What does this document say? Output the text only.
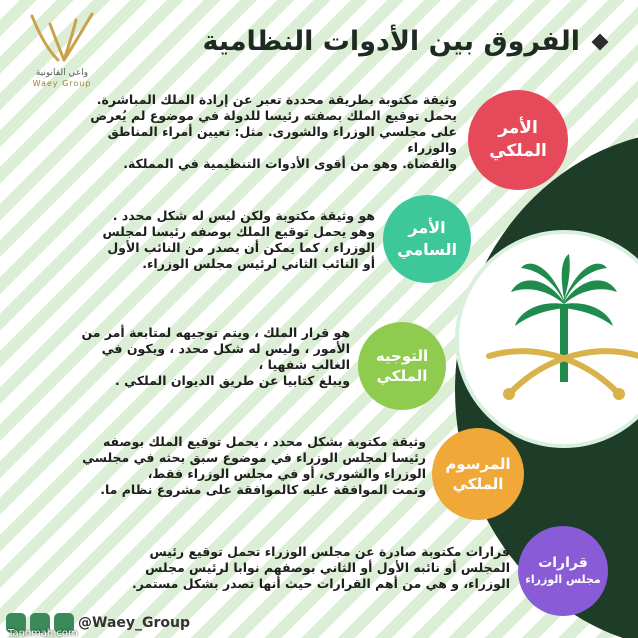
واعي القانونية
Waey Group
الفروق بين الأدوات النظامية
الأمر
الملكي

وثيقة مكتوبة بطريقة محددة تعبر عن إرادة الملك المباشرة.

يحمل توقيع الملك بصفته رئيسا للدولة في موضوع لم يُعرض

على مجلسي الوزراء والشورى. مثل: تعيين أمراء المناطق والوزراء

والقضاة. وهو من أقوى الأدوات التنظيمية في المملكة.

الأمر
السامي

هو وثيقة مكتوبة ولكن ليس له شكل محدد .

وهو يحمل توقيع الملك بوصفه رئيسا لمجلس

الوزراء ، كما يمكن أن يصدر من النائب الأول

أو النائب الثاني لرئيس مجلس الوزراء.

التوجيه
الملكي

هو قرار الملك ، ويتم توجيهه لمتابعة أمر من

الأمور ، وليس له شكل محدد ، ويكون في

الغالب شفهيا ،

ويبلغ كتابيا عن طريق الديوان الملكي .

المرسوم
الملكي

وثيقة مكتوبة بشكل محدد ، يحمل توقيع الملك بوصفه

رئيسا لمجلس الوزراء في موضوع سبق بحثه في مجلسي

الوزراء والشورى، أو في مجلس الوزراء فقط،

وتمت الموافقة عليه كالموافقة على مشروع نظام ما.

قرارات
مجلس الوزراء

قرارات مكتوبة صادرة عن مجلس الوزراء تحمل توقيع رئيس

المجلس أو نائبه الأول أو الثاني بوصفهم نوابا لرئيس مجلس

الوزراء، و هي من أهم القرارات حيث أنها تصدر بشكل مستمر.

@Waey_Group
Tanomah.com
